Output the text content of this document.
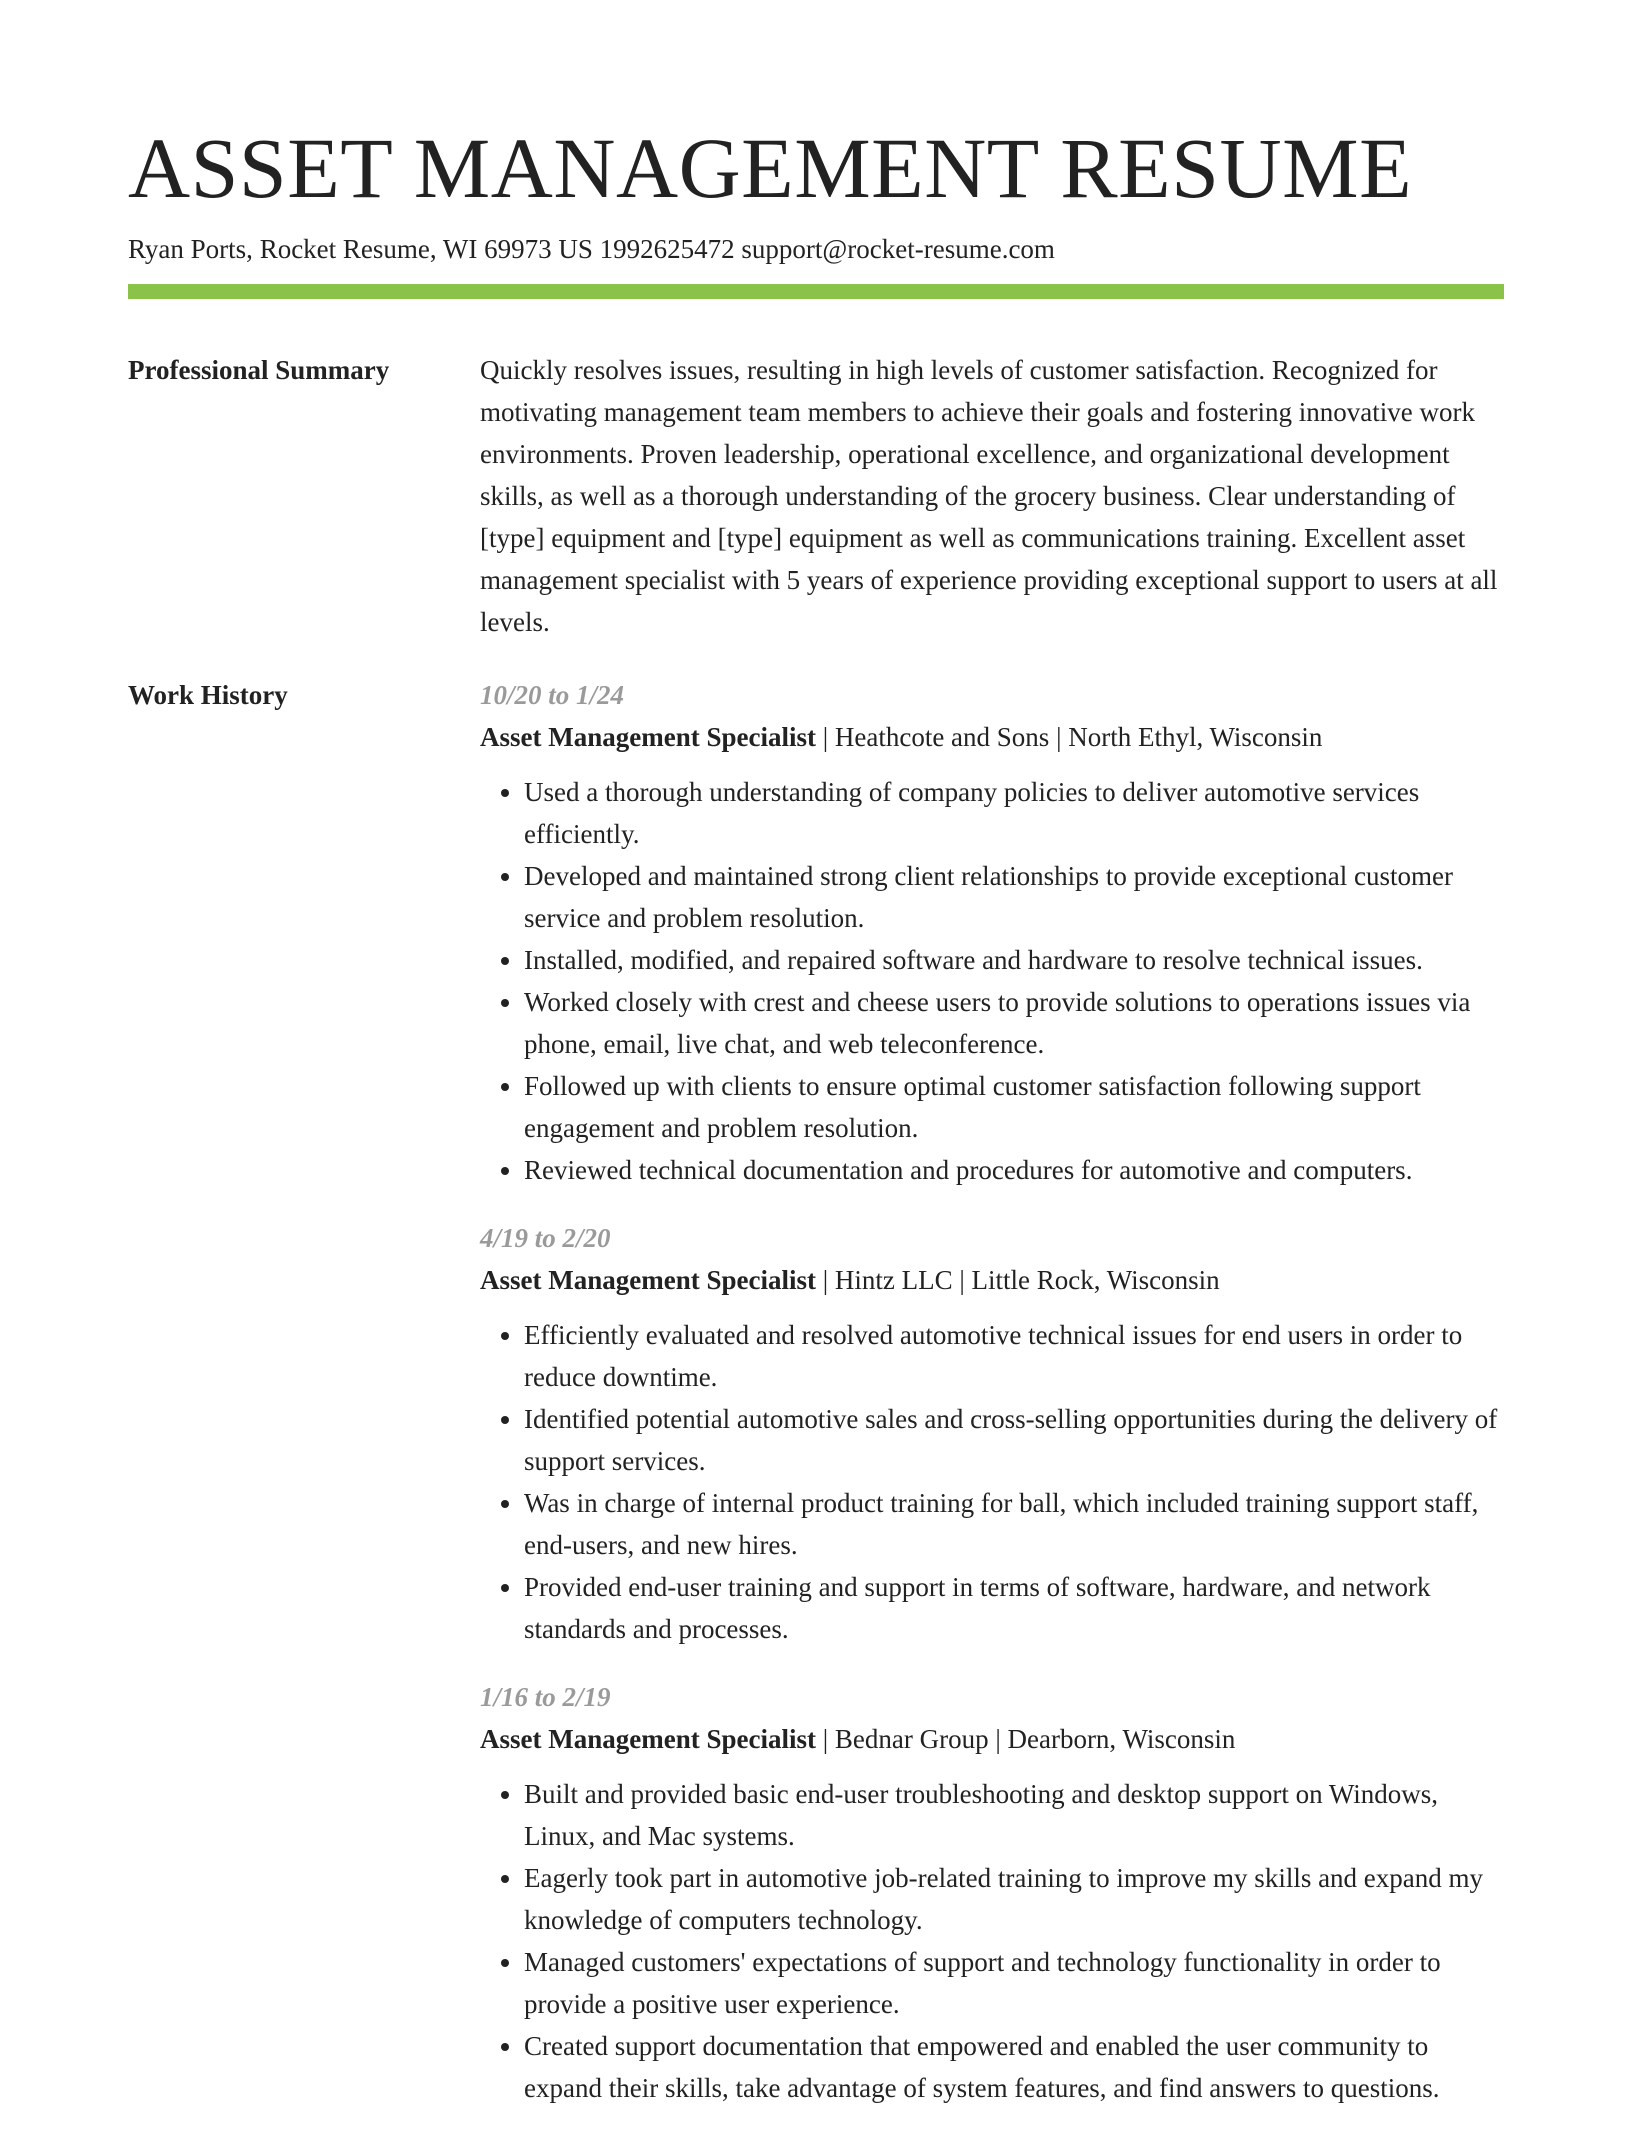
ASSET MANAGEMENT RESUME
Ryan Ports, Rocket Resume, WI 69973 US 1992625472 support@rocket-resume.com
Professional Summary	Quickly resolves issues, resulting in high levels of customer satisfaction. Recognized for motivating management team members to achieve their goals and fostering innovative work environments. Proven leadership, operational excellence, and organizational development skills, as well as a thorough understanding of the grocery business. Clear understanding of [type] equipment and [type] equipment as well as communications training. Excellent asset management specialist with 5 years of experience providing exceptional support to users at all levels.
Work History	10/20 to 1/24
Asset Management Specialist | Heathcote and Sons | North Ethyl, Wisconsin
• Used a thorough understanding of company policies to deliver automotive services efficiently.
• Developed and maintained strong client relationships to provide exceptional customer service and problem resolution.
• Installed, modified, and repaired software and hardware to resolve technical issues.
• Worked closely with crest and cheese users to provide solutions to operations issues via phone, email, live chat, and web teleconference.
• Followed up with clients to ensure optimal customer satisfaction following support engagement and problem resolution.
• Reviewed technical documentation and procedures for automotive and computers.
4/19 to 2/20
Asset Management Specialist | Hintz LLC | Little Rock, Wisconsin
• Efficiently evaluated and resolved automotive technical issues for end users in order to reduce downtime.
• Identified potential automotive sales and cross-selling opportunities during the delivery of support services.
• Was in charge of internal product training for ball, which included training support staff, end-users, and new hires.
• Provided end-user training and support in terms of software, hardware, and network standards and processes.
1/16 to 2/19
Asset Management Specialist | Bednar Group | Dearborn, Wisconsin
• Built and provided basic end-user troubleshooting and desktop support on Windows, Linux, and Mac systems.
• Eagerly took part in automotive job-related training to improve my skills and expand my knowledge of computers technology.
• Managed customers' expectations of support and technology functionality in order to provide a positive user experience.
• Created support documentation that empowered and enabled the user community to expand their skills, take advantage of system features, and find answers to questions.
